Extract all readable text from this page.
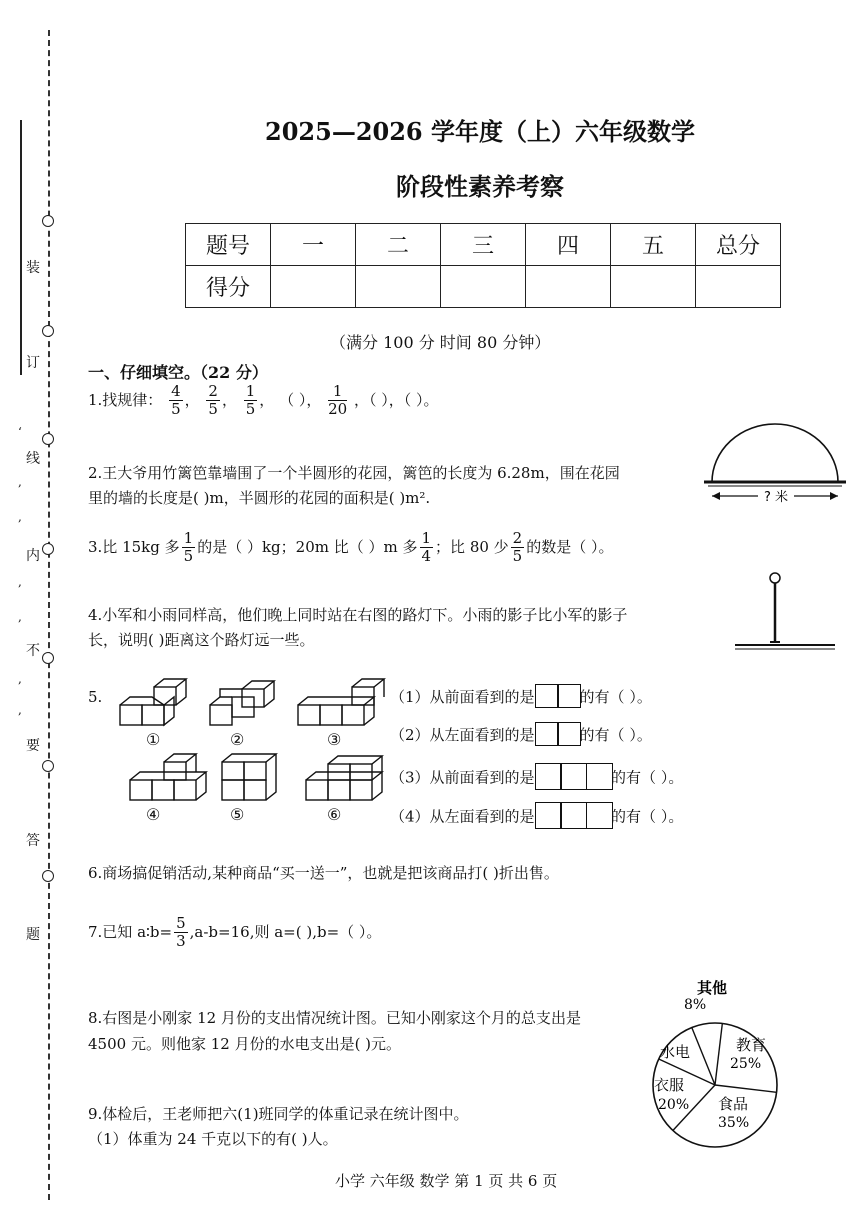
装
订
线
内
不
要
答
题
‘
,
,
,
,
,
,
2025—2026 学年度（上）六年级数学
阶段性素养考察
题号	一	二	三	四	五	总分
得分						
（满分 100 分 时间 80 分钟）
一、仔细填空。（22 分）
1.找规律： $\frac{4}{5}$ ， $\frac{2}{5}$ ， $\frac{1}{5}$ ， （ ）， $\frac{1}{20}$ ，（ ），（ ）。
2.王大爷用竹篱笆靠墙围了一个半圆形的花园，篱笆的长度为 6.28m，围在花园
里的墙的长度是( )m，半圆形的花园的面积是( )m².	? 米
3.比 15kg 多 $\frac{1}{5}$ 的是（ ）kg；20m 比（ ）m 多 $\frac{1}{4}$ ；比 80 少 $\frac{2}{5}$ 的数是（ ）。
4.小军和小雨同样高，他们晚上同时站在右图的路灯下。小雨的影子比小军的影子
长，说明( )距离这个路灯远一些。
5.
①	②	③
④	⑤	⑥
（1）从前面看到的是	的有（ ）。
（2）从左面看到的是	的有（ ）。
（3）从前面看到的是	的有（ ）。
（4）从左面看到的是	的有（ ）。
6.商场搞促销活动,某种商品“买一送一”，也就是把该商品打( )折出售。
7.已知 a∶b= $\frac{5}{3} ,a-b=16$,则 a=( ),b=（ ）。
8.右图是小刚家 12 月份的支出情况统计图。已知小刚家这个月的总支出是
4500 元。则他家 12 月份的水电支出是( )元。
其他
8%
教育
25%
食品
35%
衣服
20%
水电
9.体检后，王老师把六(1)班同学的体重记录在统计图中。
（1）体重为 24 千克以下的有( )人。
小学 六年级 数学 第 1 页 共 6 页
